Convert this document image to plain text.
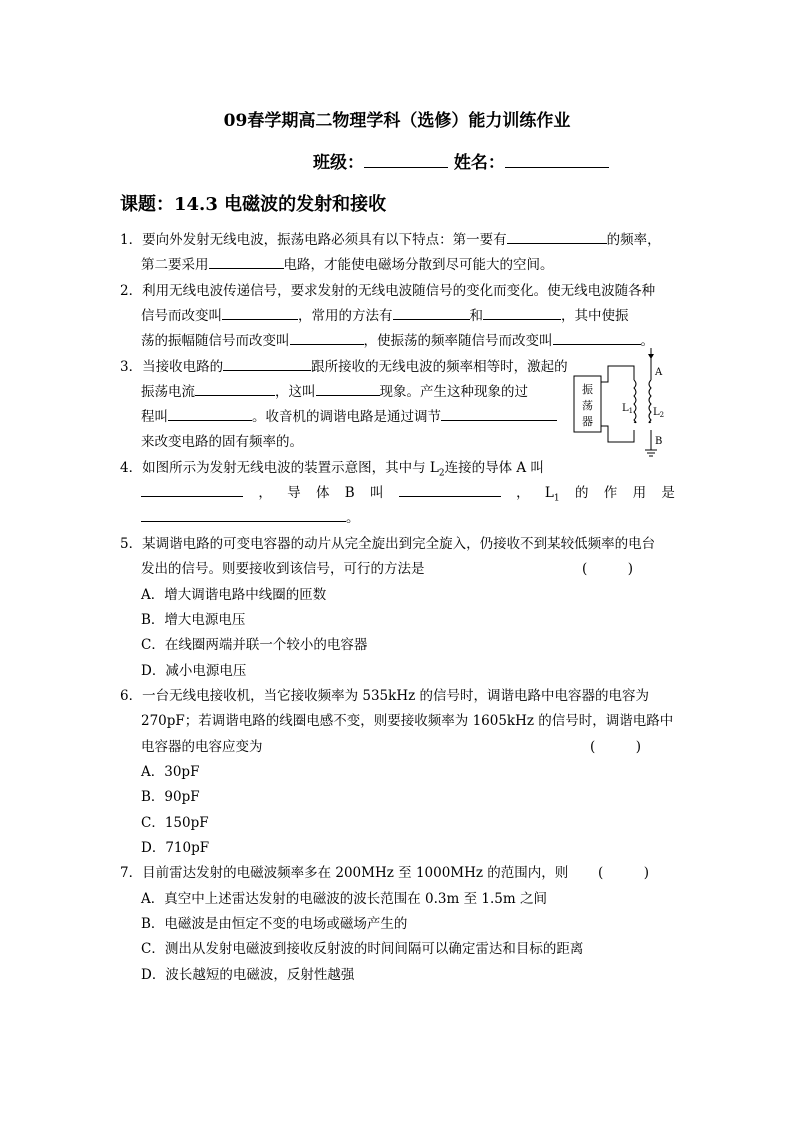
09春学期高二物理学科（选修）能力训练作业
班级：	姓名：
课题：14.3 电磁波的发射和接收
1．要向外发射无线电波，振荡电路必须具有以下特点：第一要有	的频率，
第二要采用	电路，才能使电磁场分散到尽可能大的空间。
2．利用无线电波传递信号，要求发射的无线电波随信号的变化而变化。使无线电波随各种
信号而改变叫	，常用的方法有	和	，其中使振
荡的振幅随信号而改变叫	，使振荡的频率随信号而改变叫	。
3．当接收电路的	跟所接收的无线电波的频率相等时，激起的
振荡电流	，这叫	现象。产生这种现象的过
程叫	。收音机的调谐电路是通过调节
来改变电路的固有频率的。
振
荡
器
A
B
$L_1$ $L_2$
4．如图所示为发射无线电波的装置示意图，其中与 $L_2$连接的导体 A 叫
， 导 体 B 叫	， $L_1$ 的 作 用 是
。
5．某调谐电路的可变电容器的动片从完全旋出到完全旋入，仍接收不到某较低频率的电台
发出的信号。则要接收到该信号，可行的方法是	(　　　)
A．增大调谐电路中线圈的匝数
B．增大电源电压
C．在线圈两端并联一个较小的电容器
D．减小电源电压
6．一台无线电接收机，当它接收频率为 535kHz 的信号时，调谐电路中电容器的电容为
270pF；若调谐电路的线圈电感不变，则要接收频率为 1605kHz 的信号时，调谐电路中
电容器的电容应变为	(　　　)
A．30pF
B．90pF
C．150pF
D．710pF
7．目前雷达发射的电磁波频率多在 200MHz 至 1000MHz 的范围内，则 (　　　)
A．真空中上述雷达发射的电磁波的波长范围在 0.3m 至 1.5m 之间
B．电磁波是由恒定不变的电场或磁场产生的
C．测出从发射电磁波到接收反射波的时间间隔可以确定雷达和目标的距离
D．波长越短的电磁波，反射性越强
